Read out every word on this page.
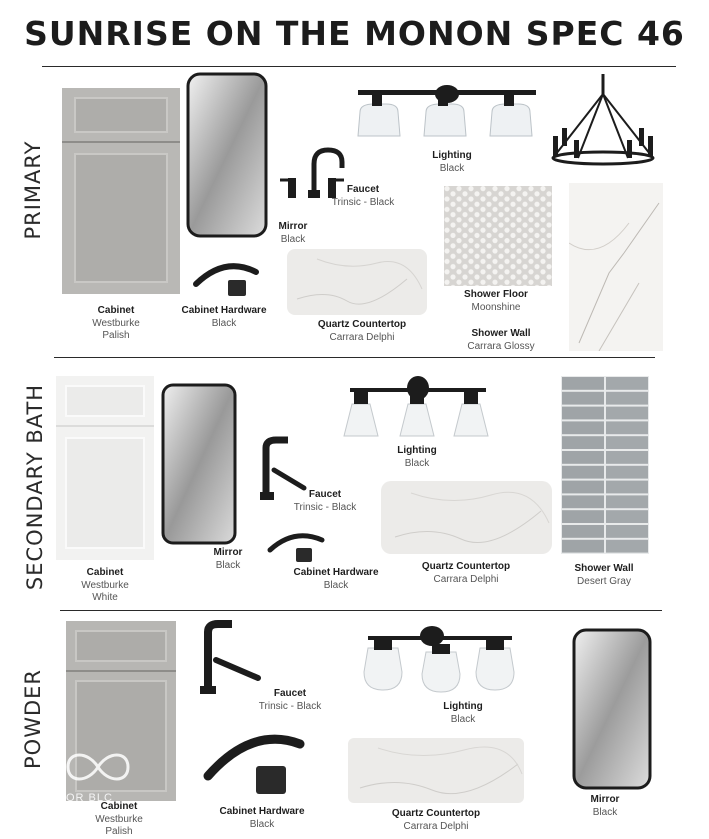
SUNRISE ON THE MONON SPEC 46
PRIMARY
Cabinet
Westburke
Palish
Mirror
Black
Cabinet Hardware
Black
Faucet
Trinsic - Black
Quartz Countertop
Carrara Delphi
Lighting
Black
Shower Floor
Moonshine
Shower Wall
Carrara Glossy
SECONDARY BATH	Cabinet
Westburke
White
Mirror
Black
Faucet
Trinsic - Black
Cabinet Hardware
Black
Lighting
Black
Quartz Countertop
Carrara Delphi
Shower Wall
Desert Gray
POWDER
OR BLC
Cabinet
Westburke
Palish
Faucet
Trinsic - Black
Cabinet Hardware
Black
Lighting
Black
Quartz Countertop
Carrara Delphi
Mirror
Black
